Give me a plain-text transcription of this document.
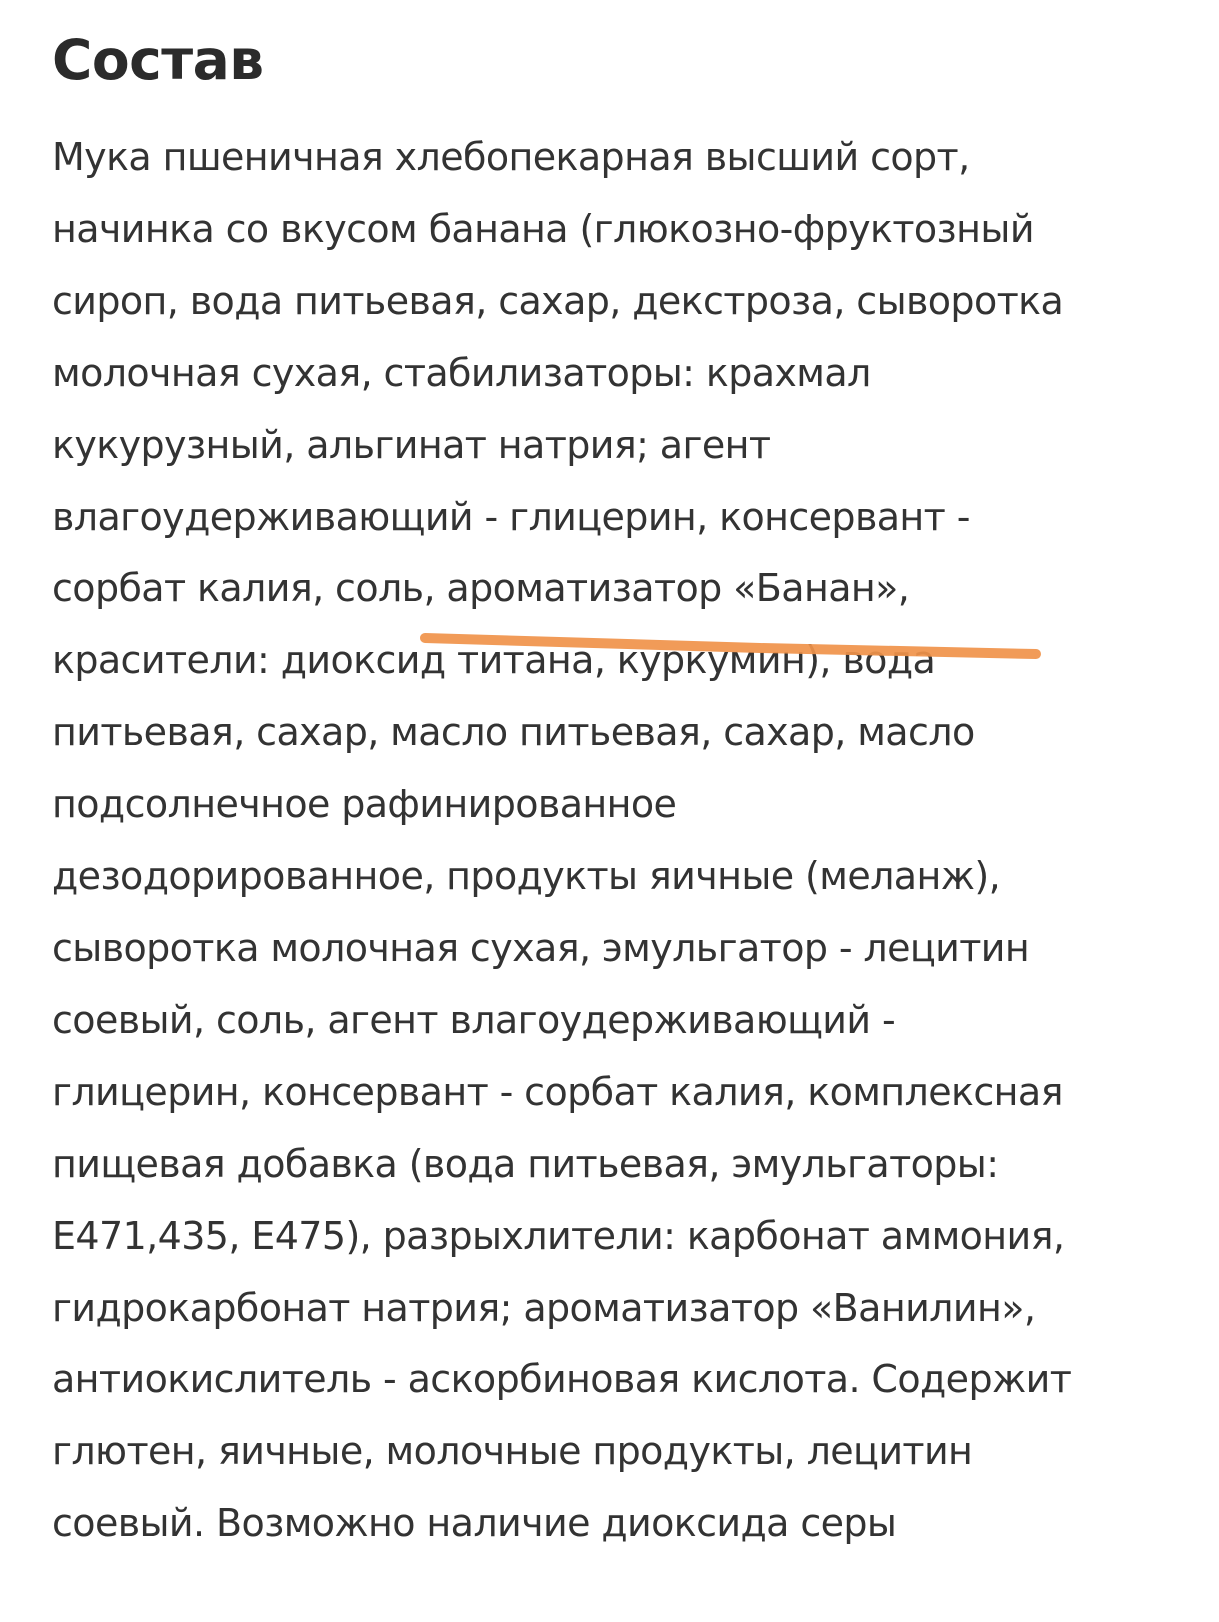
Состав
Мука пшеничная хлебопекарная высший сорт,
начинка со вкусом банана (глюкозно-фруктозный
сироп, вода питьевая, сахар, декстроза, сыворотка
молочная сухая, стабилизаторы: крахмал
кукурузный, альгинат натрия; агент
влагоудерживающий - глицерин, консервант -
сорбат калия, соль, ароматизатор «Банан»,
красители: диоксид титана, куркумин), вода
питьевая, сахар, масло питьевая, сахар, масло
подсолнечное рафинированное
дезодорированное, продукты яичные (меланж),
сыворотка молочная сухая, эмульгатор - лецитин
соевый, соль, агент влагоудерживающий -
глицерин, консервант - сорбат калия, комплексная
пищевая добавка (вода питьевая, эмульгаторы:
Е471,435, Е475), разрыхлители: карбонат аммония,
гидрокарбонат натрия; ароматизатор «Ванилин»,
антиокислитель - аскорбиновая кислота. Содержит
глютен, яичные, молочные продукты, лецитин
соевый. Возможно наличие диоксида серы
